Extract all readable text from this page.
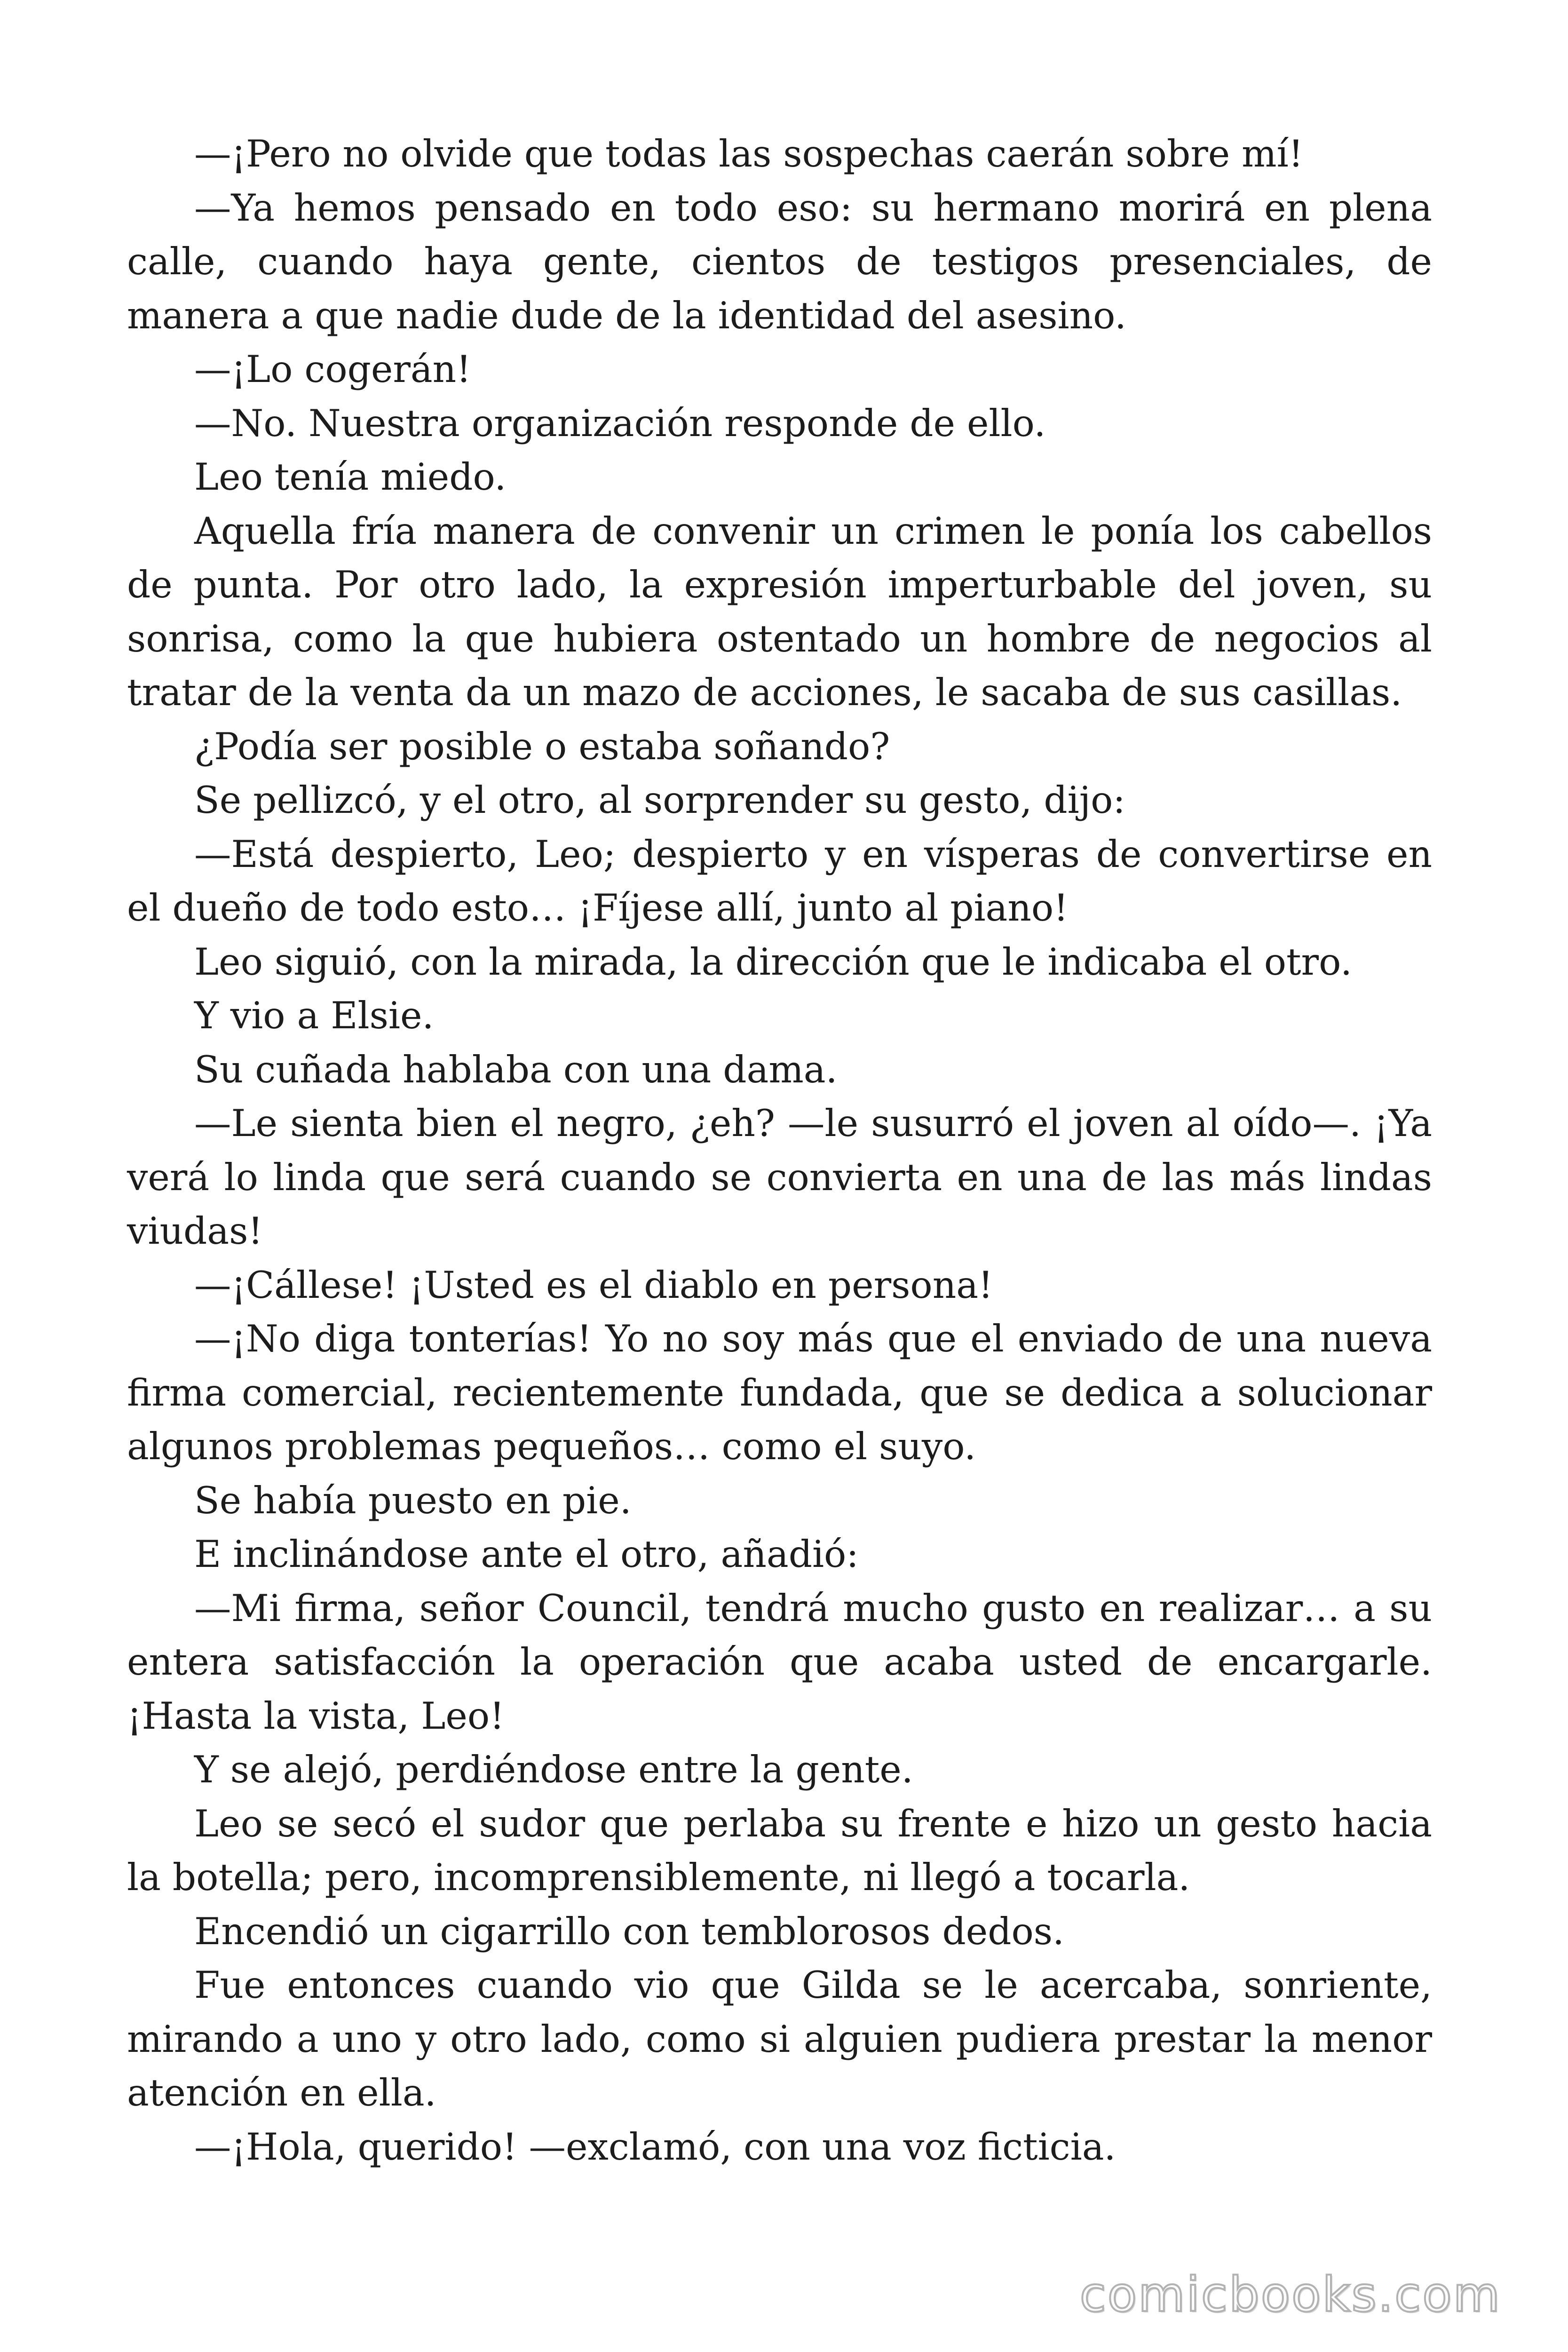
—¡Pero no olvide que todas las sospechas caerán sobre mí!

—Ya hemos pensado en todo eso: su hermano morirá en plena calle, cuando haya gente, cientos de testigos presenciales, de manera a que nadie dude de la identidad del asesino.

—¡Lo cogerán!

—No. Nuestra organización responde de ello.

Leo tenía miedo.

Aquella fría manera de convenir un crimen le ponía los cabellos de punta. Por otro lado, la expresión imperturbable del joven, su sonrisa, como la que hubiera ostentado un hombre de negocios al tratar de la venta da un mazo de acciones, le sacaba de sus casillas.

¿Podía ser posible o estaba soñando?

Se pellizcó, y el otro, al sorprender su gesto, dijo:

—Está despierto, Leo; despierto y en vísperas de convertirse en el dueño de todo esto… ¡Fíjese allí, junto al piano!

Leo siguió, con la mirada, la dirección que le indicaba el otro.

Y vio a Elsie.

Su cuñada hablaba con una dama.

—Le sienta bien el negro, ¿eh? —le susurró el joven al oído—. ¡Ya verá lo linda que será cuando se convierta en una de las más lindas viudas!

—¡Cállese! ¡Usted es el diablo en persona!

—¡No diga tonterías! Yo no soy más que el enviado de una nueva firma comercial, recientemente fundada, que se dedica a solucionar algunos problemas pequeños… como el suyo.

Se había puesto en pie.

E inclinándose ante el otro, añadió:

—Mi firma, señor Council, tendrá mucho gusto en realizar… a su entera satisfacción la operación que acaba usted de encargarle. ¡Hasta la vista, Leo!

Y se alejó, perdiéndose entre la gente.

Leo se secó el sudor que perlaba su frente e hizo un gesto hacia la botella; pero, incomprensiblemente, ni llegó a tocarla.

Encendió un cigarrillo con temblorosos dedos.

Fue entonces cuando vio que Gilda se le acercaba, sonriente, mirando a uno y otro lado, como si alguien pudiera prestar la menor atención en ella.

—¡Hola, querido! —exclamó, con una voz ficticia.

comicbooks.com
